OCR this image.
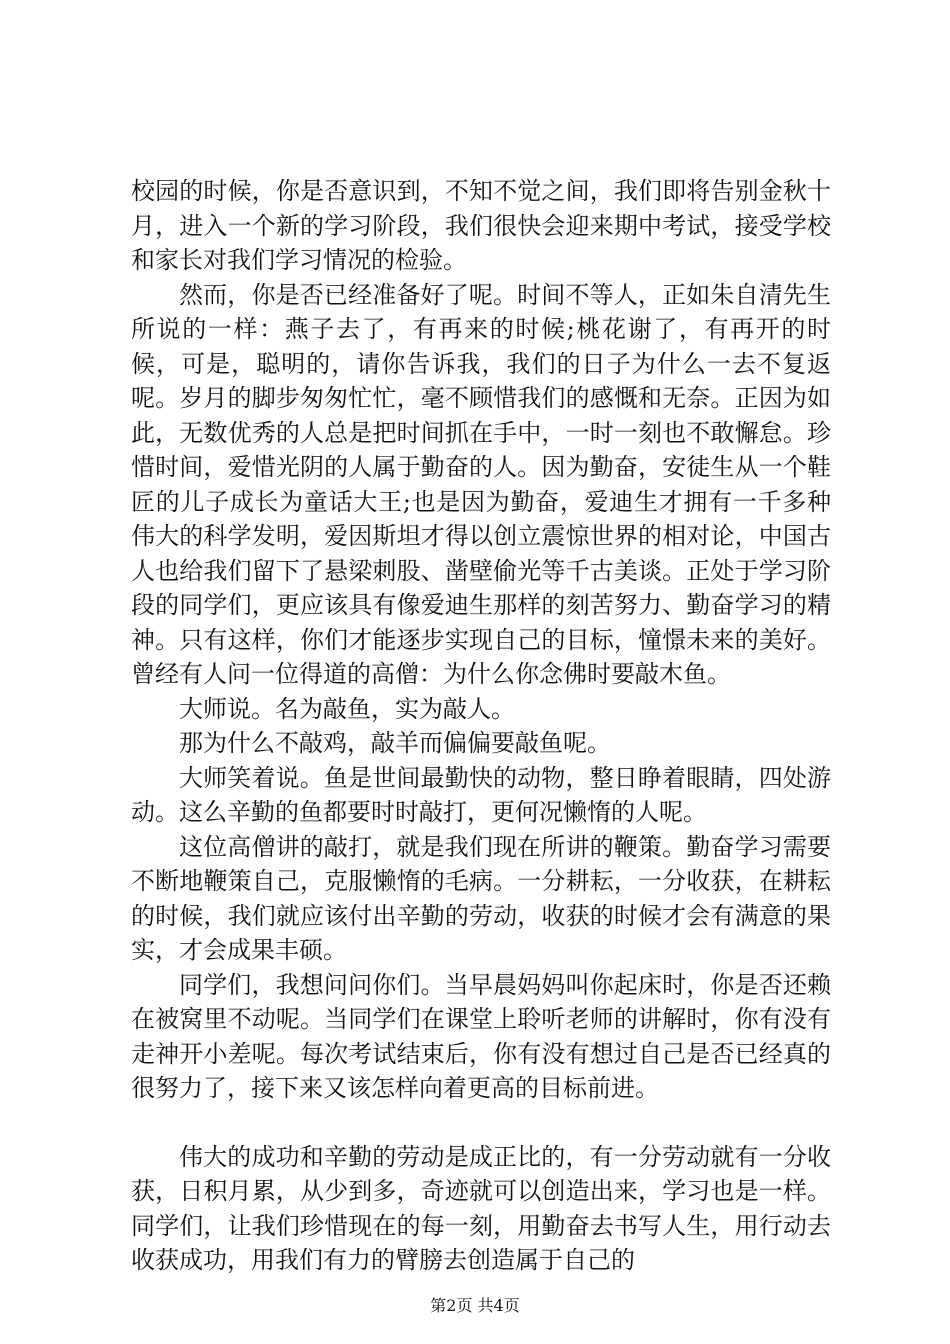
校园的时候，你是否意识到，不知不觉之间，我们即将告别金秋十月，进入一个新的学习阶段，我们很快会迎来期中考试，接受学校和家长对我们学习情况的检验。

然而，你是否已经准备好了呢。时间不等人，正如朱自清先生所说的一样：燕子去了，有再来的时候;桃花谢了，有再开的时候，可是，聪明的，请你告诉我，我们的日子为什么一去不复返呢。岁月的脚步匆匆忙忙，毫不顾惜我们的感慨和无奈。正因为如此，无数优秀的人总是把时间抓在手中，一时一刻也不敢懈怠。珍惜时间，爱惜光阴的人属于勤奋的人。因为勤奋，安徒生从一个鞋匠的儿子成长为童话大王;也是因为勤奋，爱迪生才拥有一千多种伟大的科学发明，爱因斯坦才得以创立震惊世界的相对论，中国古人也给我们留下了悬梁刺股、凿壁偷光等千古美谈。正处于学习阶段的同学们，更应该具有像爱迪生那样的刻苦努力、勤奋学习的精神。只有这样，你们才能逐步实现自己的目标，憧憬未来的美好。曾经有人问一位得道的高僧：为什么你念佛时要敲木鱼。

大师说。名为敲鱼，实为敲人。

那为什么不敲鸡，敲羊而偏偏要敲鱼呢。

大师笑着说。鱼是世间最勤快的动物，整日睁着眼睛，四处游动。这么辛勤的鱼都要时时敲打，更何况懒惰的人呢。

这位高僧讲的敲打，就是我们现在所讲的鞭策。勤奋学习需要不断地鞭策自己，克服懒惰的毛病。一分耕耘，一分收获，在耕耘的时候，我们就应该付出辛勤的劳动，收获的时候才会有满意的果实，才会成果丰硕。

同学们，我想问问你们。当早晨妈妈叫你起床时，你是否还赖在被窝里不动呢。当同学们在课堂上聆听老师的讲解时，你有没有走神开小差呢。每次考试结束后，你有没有想过自己是否已经真的很努力了，接下来又该怎样向着更高的目标前进。

伟大的成功和辛勤的劳动是成正比的，有一分劳动就有一分收获，日积月累，从少到多，奇迹就可以创造出来，学习也是一样。同学们，让我们珍惜现在的每一刻，用勤奋去书写人生，用行动去收获成功，用我们有力的臂膀去创造属于自己的

第2页 共4页
